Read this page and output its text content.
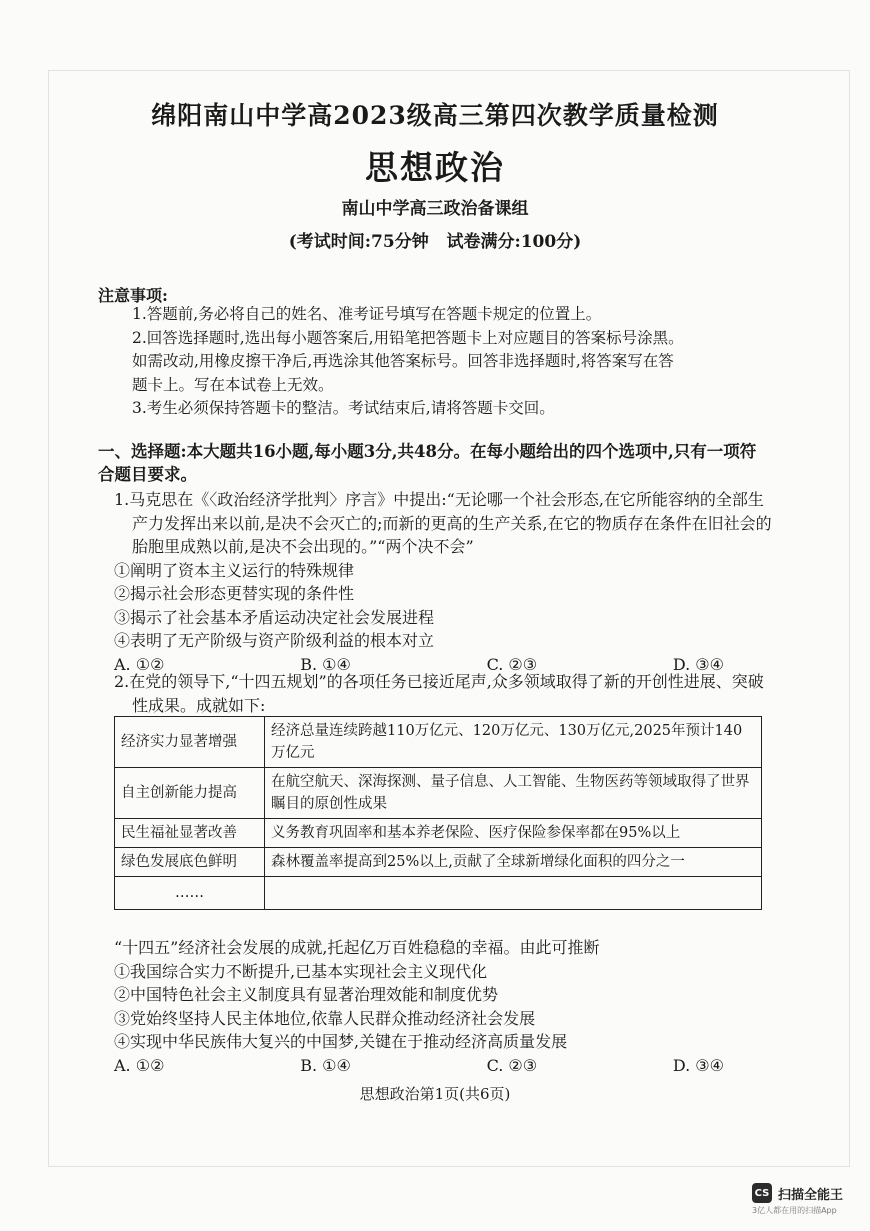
绵阳南山中学高2023级高三第四次教学质量检测
思想政治
南山中学高三政治备课组
(考试时间:75分钟   试卷满分:100分)
注意事项:
1.答题前,务必将自己的姓名、准考证号填写在答题卡规定的位置上。
2.回答选择题时,选出每小题答案后,用铅笔把答题卡上对应题目的答案标号涂黑。
如需改动,用橡皮擦干净后,再选涂其他答案标号。回答非选择题时,将答案写在答
题卡上。写在本试卷上无效。
3.考生必须保持答题卡的整洁。考试结束后,请将答题卡交回。
一、选择题:本大题共16小题,每小题3分,共48分。在每小题给出的四个选项中,只有一项符合题目要求。
1.马克思在《〈政治经济学批判〉序言》中提出:“无论哪一个社会形态,在它所能容纳的全部生产力发挥出来以前,是决不会灭亡的;而新的更高的生产关系,在它的物质存在条件在旧社会的胎胞里成熟以前,是决不会出现的。”“两个决不会”
①阐明了资本主义运行的特殊规律
②揭示社会形态更替实现的条件性
③揭示了社会基本矛盾运动决定社会发展进程
④表明了无产阶级与资产阶级利益的根本对立
A. ①②	B. ①④	C. ②③	D. ③④
2.在党的领导下,“十四五规划”的各项任务已接近尾声,众多领域取得了新的开创性进展、突破性成果。成就如下:
经济实力显著增强	经济总量连续跨越110万亿元、120万亿元、130万亿元,2025年预计140万亿元
自主创新能力提高	在航空航天、深海探测、量子信息、人工智能、生物医药等领域取得了世界瞩目的原创性成果
民生福祉显著改善	义务教育巩固率和基本养老保险、医疗保险参保率都在95%以上
绿色发展底色鲜明	森林覆盖率提高到25%以上,贡献了全球新增绿化面积的四分之一
……	
“十四五”经济社会发展的成就,托起亿万百姓稳稳的幸福。由此可推断
①我国综合实力不断提升,已基本实现社会主义现代化
②中国特色社会主义制度具有显著治理效能和制度优势
③党始终坚持人民主体地位,依靠人民群众推动经济社会发展
④实现中华民族伟大复兴的中国梦,关键在于推动经济高质量发展
A. ①②	B. ①④	C. ②③	D. ③④
思想政治第1页(共6页)
CS 扫描全能王
3亿人都在用的扫描App
